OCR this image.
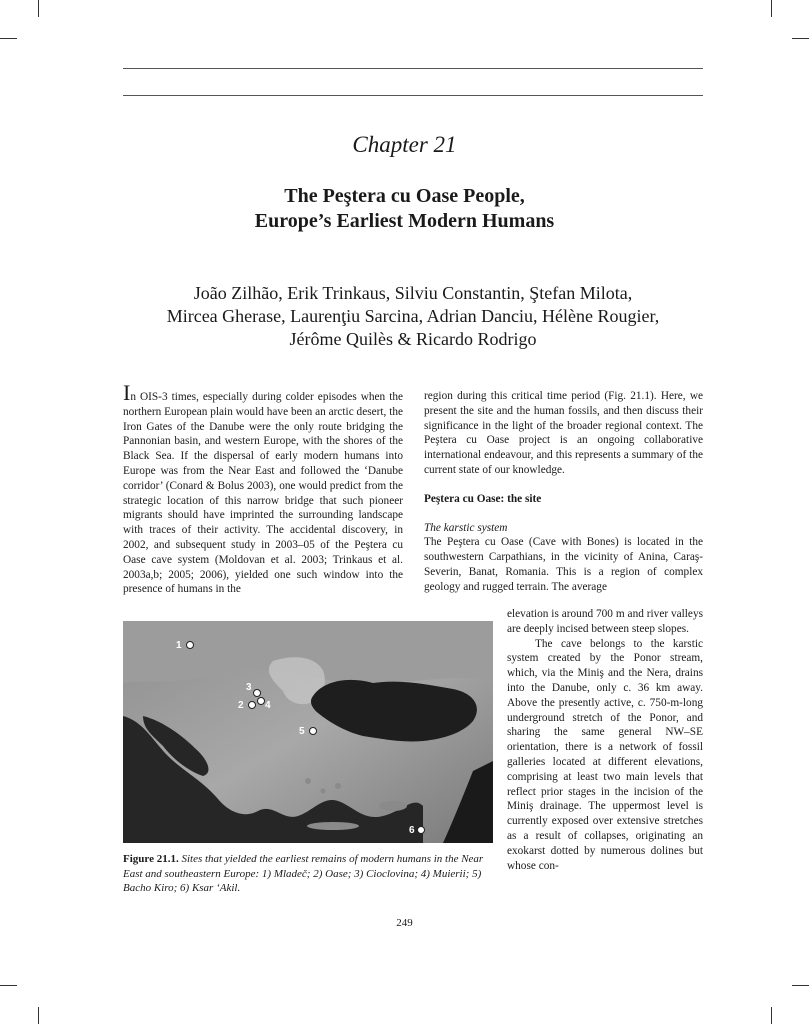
Chapter 21
The Peştera cu Oase People,
Europe’s Earliest Modern Humans
João Zilhão, Erik Trinkaus, Silviu Constantin, Ştefan Milota,
Mircea Gherase, Laurenţiu Sarcina, Adrian Danciu, Hélène Rougier,
Jérôme Quilès & Ricardo Rodrigo

In OIS-3 times, especially during colder episodes when the northern European plain would have been an arctic desert, the Iron Gates of the Danube were the only route bridging the Pannonian basin, and western Europe, with the shores of the Black Sea. If the dispersal of early modern humans into Europe was from the Near East and followed the ‘Danube corridor’ (Conard & Bolus 2003), one would predict from the strategic location of this narrow bridge that such pioneer migrants should have imprinted the surrounding landscape with traces of their activity. The accidental discovery, in 2002, and subsequent study in 2003–05 of the Peştera cu Oase cave system (Moldovan et al. 2003; Trinkaus et al. 2003a,b; 2005; 2006), yielded one such window into the presence of humans in the

region during this critical time period (Fig. 21.1). Here, we present the site and the human fossils, and then discuss their significance in the light of the broader regional context. The Peştera cu Oase project is an ongoing collaborative international endeavour, and this represents a summary of the current state of our knowledge.

Peştera cu Oase: the site

The karstic system

The Peştera cu Oase (Cave with Bones) is located in the southwestern Carpathians, in the vicinity of Anina, Caraş-Severin, Banat, Romania. This is a region of complex geology and rugged terrain. The average

elevation is around 700 m and river valleys are deeply incised between steep slopes.

The cave belongs to the karstic system created by the Ponor stream, which, via the Miniş and the Nera, drains into the Danube, only c. 36 km away. Above the presently active, c. 750-m-long underground stretch of the Ponor, and sharing the same general NW–SE orientation, there is a network of fossil galleries located at different elevations, comprising at least two main levels that reflect prior stages in the incision of the Miniş drainage. The uppermost level is currently exposed over extensive stretches as a result of collapses, originating an exokarst dotted by numerous dolines but whose con-

1
2
3
4
5
6
Figure 21.1. Sites that yielded the earliest remains of modern humans in the Near East and southeastern Europe: 1) Mladeč; 2) Oase; 3) Cioclovina; 4) Muierii; 5) Bacho Kiro; 6) Ksar ‘Akil.
249
